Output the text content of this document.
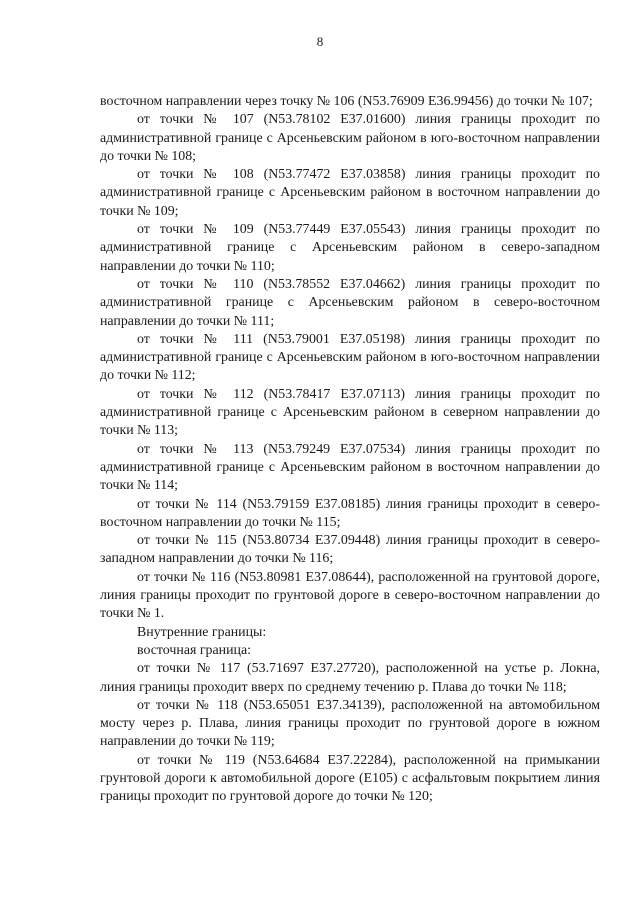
8

восточном направлении через точку № 106 (N53.76909 E36.99456) до точки № 107;

от точки № 107 (N53.78102 E37.01600) линия границы проходит по административной границе с Арсеньевским районом в юго-восточном направлении до точки № 108;

от точки № 108 (N53.77472 E37.03858) линия границы проходит по административной границе с Арсеньевским районом в восточном направлении до точки № 109;

от точки № 109 (N53.77449 E37.05543) линия границы проходит по административной границе с Арсеньевским районом в северо-западном направлении до точки № 110;

от точки № 110 (N53.78552 E37.04662) линия границы проходит по административной границе с Арсеньевским районом в северо-восточном направлении до точки № 111;

от точки № 111 (N53.79001 E37.05198) линия границы проходит по административной границе с Арсеньевским районом в юго-восточном направлении до точки № 112;

от точки № 112 (N53.78417 E37.07113) линия границы проходит по административной границе с Арсеньевским районом в северном направлении до точки № 113;

от точки № 113 (N53.79249 E37.07534) линия границы проходит по административной границе с Арсеньевским районом в восточном направлении до точки № 114;

от точки № 114 (N53.79159 E37.08185) линия границы проходит в северо-восточном направлении до точки № 115;

от точки № 115 (N53.80734 E37.09448) линия границы проходит в северо-западном направлении до точки № 116;

от точки № 116 (N53.80981 E37.08644), расположенной на грунтовой дороге, линия границы проходит по грунтовой дороге в северо-восточном направлении до точки № 1.

Внутренние границы:

восточная граница:

от точки № 117 (53.71697 E37.27720), расположенной на устье р. Локна, линия границы проходит вверх по среднему течению р. Плава до точки № 118;

от точки № 118 (N53.65051 E37.34139), расположенной на автомобильном мосту через р. Плава, линия границы проходит по грунтовой дороге в южном направлении до точки № 119;

от точки № 119 (N53.64684 E37.22284), расположенной на примыкании грунтовой дороги к автомобильной дороге (E105) с асфальтовым покрытием линия границы проходит по грунтовой дороге до точки № 120;
